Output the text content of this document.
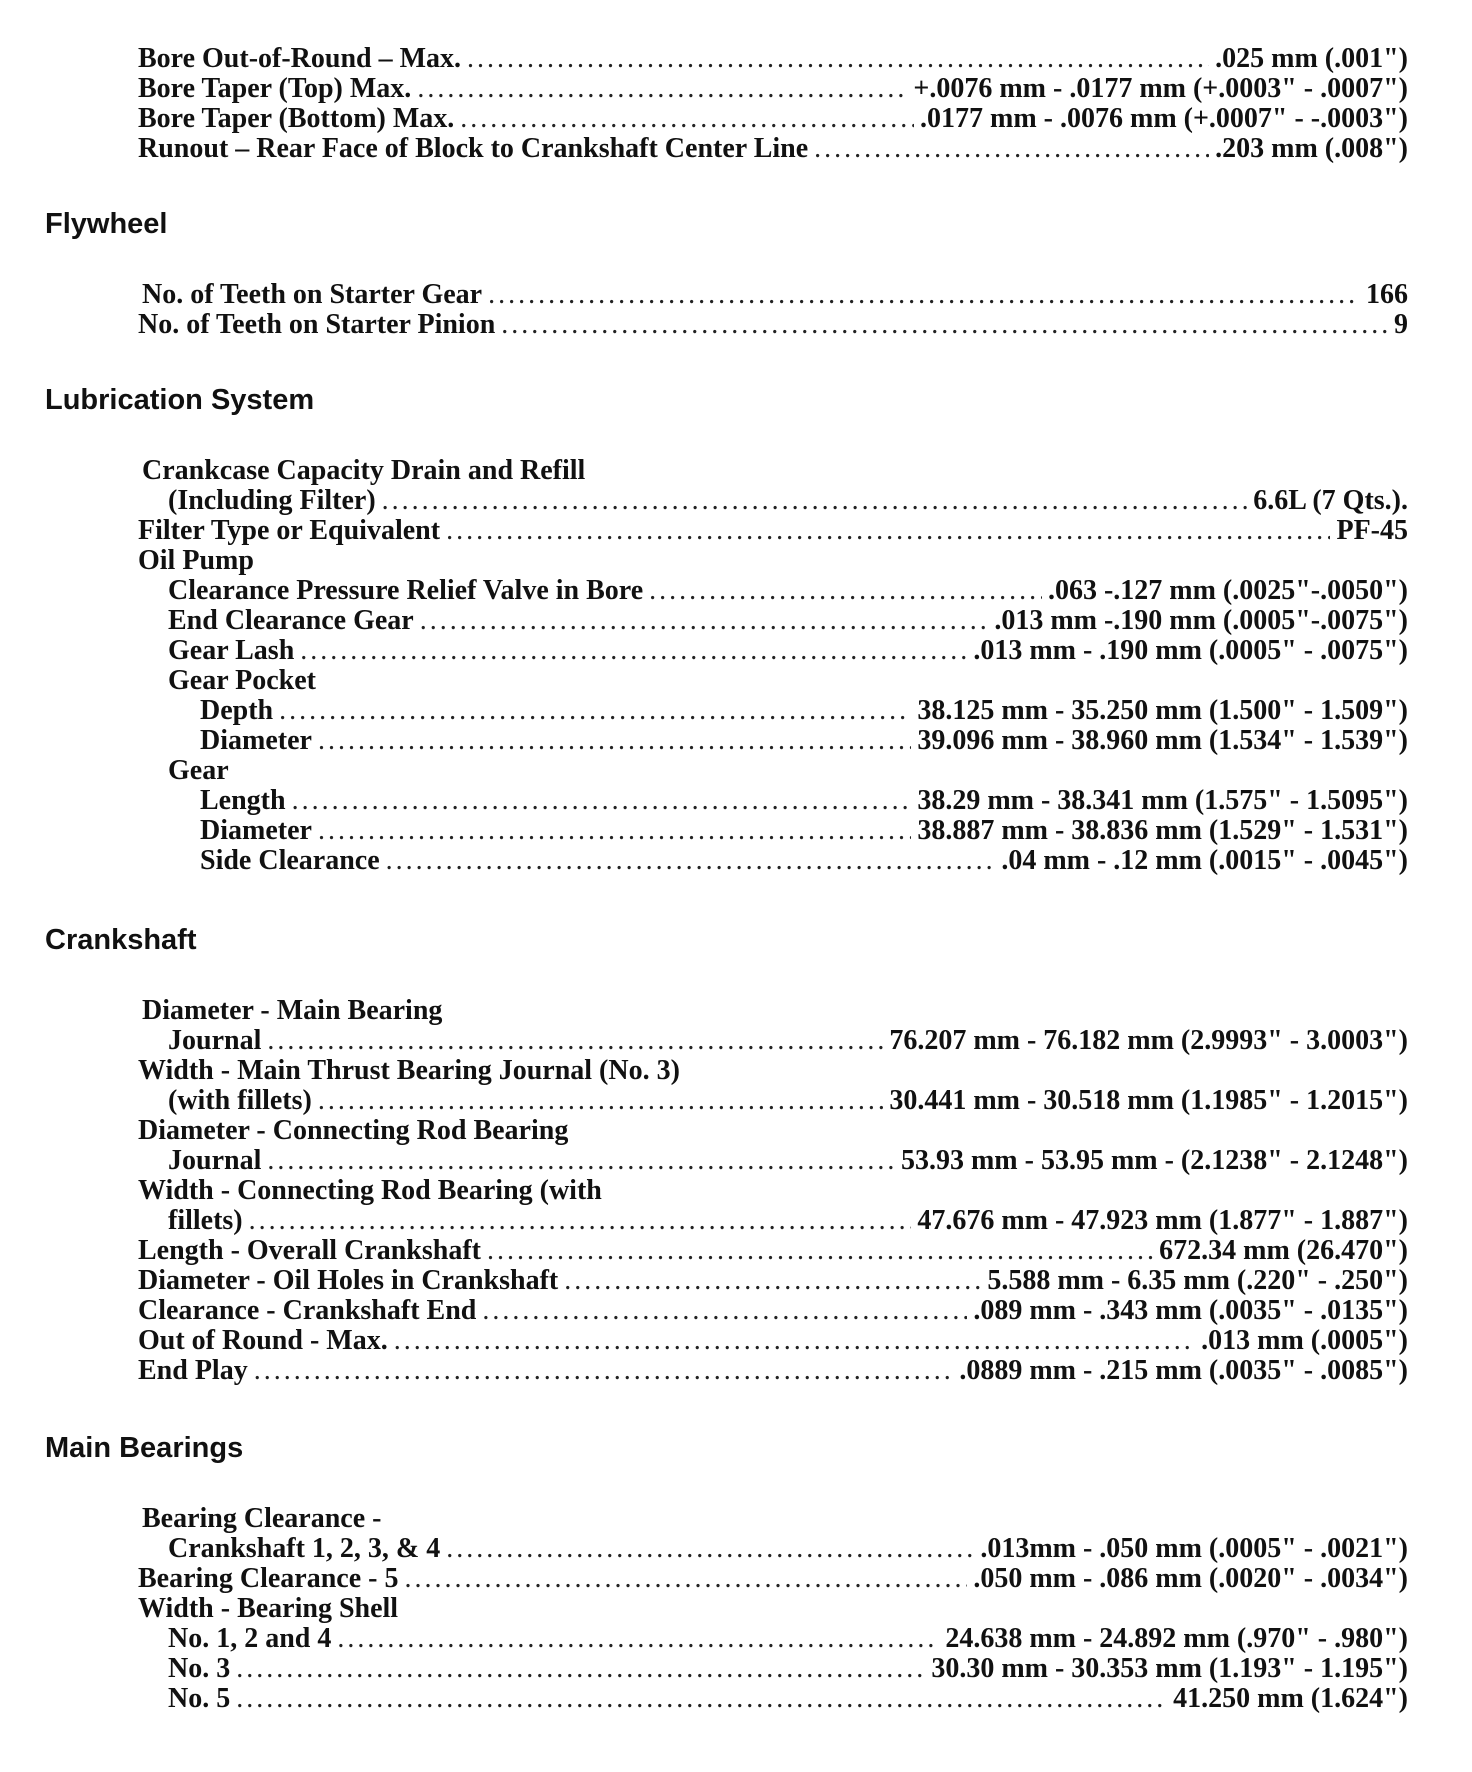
Bore Out-of-Round – Max. .....	.025 mm (.001")
Bore Taper (Top) Max. .....	+.0076 mm - .0177 mm (+.0003" - .0007")
Bore Taper (Bottom) Max. .....	.0177 mm - .0076 mm (+.0007" - -.0003")
Runout – Rear Face of Block to Crankshaft Center Line .....	.203 mm (.008")
Flywheel
No. of Teeth on Starter Gear .....	166
No. of Teeth on Starter Pinion .....	9
Lubrication System
Crankcase Capacity Drain and Refill
(Including Filter) .....	6.6L (7 Qts.).
Filter Type or Equivalent .....	PF-45
Oil Pump
Clearance Pressure Relief Valve in Bore .....	.063 -.127 mm (.0025"-.0050")
End Clearance Gear .....	.013 mm -.190 mm (.0005"-.0075")
Gear Lash .....	.013 mm - .190 mm (.0005" - .0075")
Gear Pocket
Depth .....	38.125 mm - 35.250 mm (1.500" - 1.509")
Diameter .....	39.096 mm - 38.960 mm (1.534" - 1.539")
Gear
Length .....	38.29 mm - 38.341 mm (1.575" - 1.5095")
Diameter .....	38.887 mm - 38.836 mm (1.529" - 1.531")
Side Clearance .....	.04 mm - .12 mm (.0015" - .0045")
Crankshaft
Diameter - Main Bearing
Journal .....	76.207 mm - 76.182 mm (2.9993" - 3.0003")
Width - Main Thrust Bearing Journal (No. 3)
(with fillets) .....	30.441 mm - 30.518 mm (1.1985" - 1.2015")
Diameter - Connecting Rod Bearing
Journal .....	53.93 mm - 53.95 mm - (2.1238" - 2.1248")
Width - Connecting Rod Bearing (with
fillets) .....	47.676 mm - 47.923 mm (1.877" - 1.887")
Length - Overall Crankshaft .....	672.34 mm (26.470")
Diameter - Oil Holes in Crankshaft .....	5.588 mm - 6.35 mm (.220" - .250")
Clearance - Crankshaft End .....	.089 mm - .343 mm (.0035" - .0135")
Out of Round - Max. .....	.013 mm (.0005")
End Play .....	.0889 mm - .215 mm (.0035" - .0085")
Main Bearings
Bearing Clearance -
Crankshaft 1, 2, 3, & 4 .....	.013mm - .050 mm (.0005" - .0021")
Bearing Clearance - 5 .....	.050 mm - .086 mm (.0020" - .0034")
Width - Bearing Shell
No. 1, 2 and 4 .....	24.638 mm - 24.892 mm (.970" - .980")
No. 3 .....	30.30 mm - 30.353 mm (1.193" - 1.195")
No. 5 .....	41.250 mm (1.624")
